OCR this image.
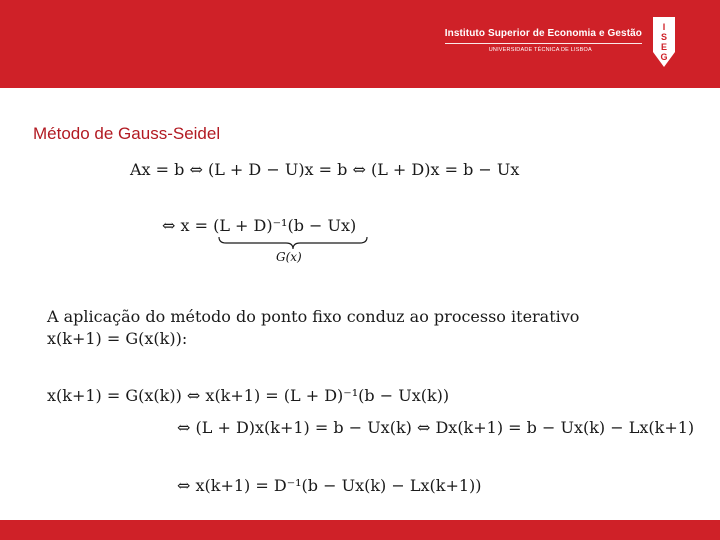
Instituto Superior de Economia e Gestão
UNIVERSIDADE TÉCNICA DE LISBOA
I
S
E
G
Método de Gauss-Seidel
Ax = b ⇔ (L + D − U)x = b ⇔ (L + D)x = b − Ux
⇔ x = (L + D)⁻¹(b − Ux)
G(x)
A aplicação do método do ponto fixo conduz ao processo iterativo
x(k+1) = G(x(k)):
x(k+1) = G(x(k)) ⇔ x(k+1) = (L + D)⁻¹(b − Ux(k))
⇔ (L + D)x(k+1) = b − Ux(k) ⇔ Dx(k+1) = b − Ux(k) − Lx(k+1)
⇔ x(k+1) = D⁻¹(b − Ux(k) − Lx(k+1))
